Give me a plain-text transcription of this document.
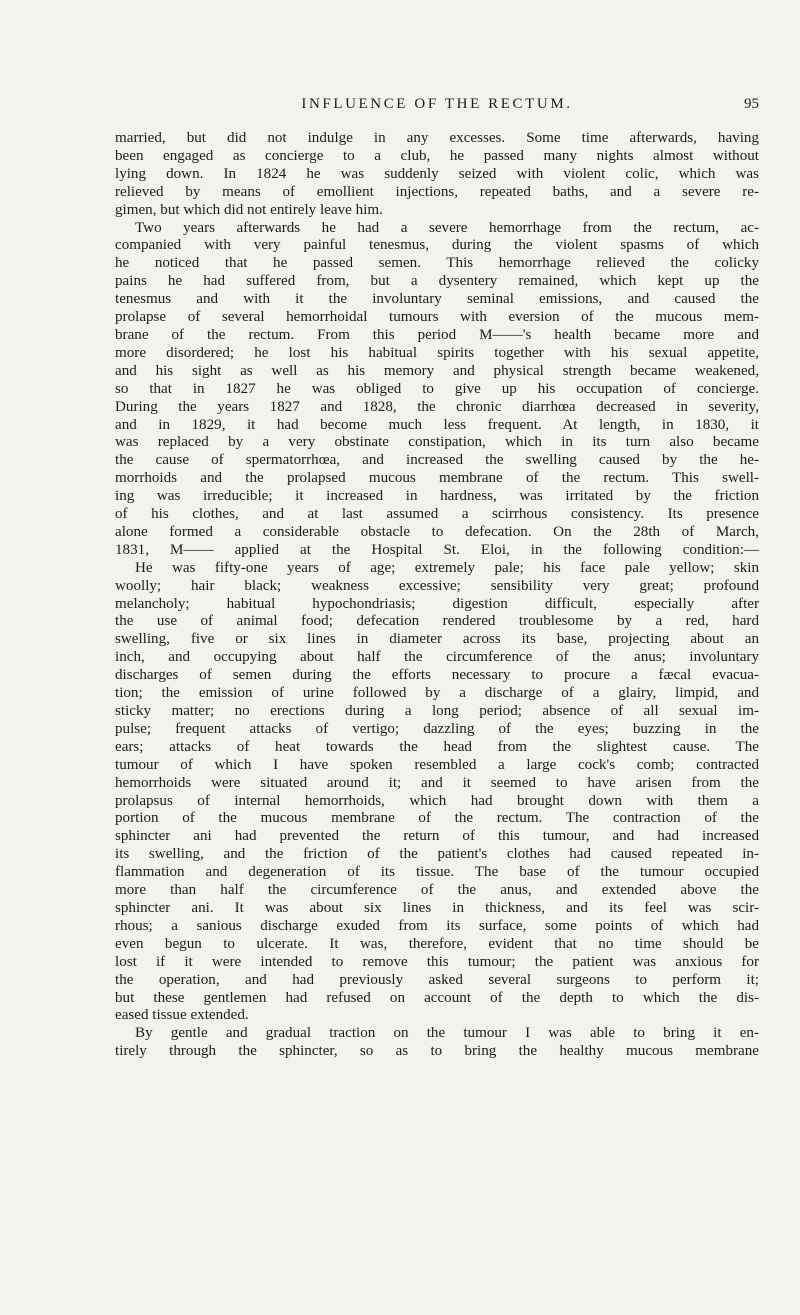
INFLUENCE OF THE RECTUM.	95
married, but did not indulge in any excesses. Some time afterwards, having
been engaged as concierge to a club, he passed many nights almost without
lying down. In 1824 he was suddenly seized with violent colic, which was
relieved by means of emollient injections, repeated baths, and a severe re-
gimen, but which did not entirely leave him.
Two years afterwards he had a severe hemorrhage from the rectum, ac-
companied with very painful tenesmus, during the violent spasms of which
he noticed that he passed semen. This hemorrhage relieved the colicky
pains he had suffered from, but a dysentery remained, which kept up the
tenesmus and with it the involuntary seminal emissions, and caused the
prolapse of several hemorrhoidal tumours with eversion of the mucous mem-
brane of the rectum. From this period M——'s health became more and
more disordered; he lost his habitual spirits together with his sexual appetite,
and his sight as well as his memory and physical strength became weakened,
so that in 1827 he was obliged to give up his occupation of concierge.
During the years 1827 and 1828, the chronic diarrhœa decreased in severity,
and in 1829, it had become much less frequent. At length, in 1830, it
was replaced by a very obstinate constipation, which in its turn also became
the cause of spermatorrhœa, and increased the swelling caused by the he-
morrhoids and the prolapsed mucous membrane of the rectum. This swell-
ing was irreducible; it increased in hardness, was irritated by the friction
of his clothes, and at last assumed a scirrhous consistency. Its presence
alone formed a considerable obstacle to defecation. On the 28th of March,
1831, M—— applied at the Hospital St. Eloi, in the following condition:—
He was fifty-one years of age; extremely pale; his face pale yellow; skin
woolly; hair black; weakness excessive; sensibility very great; profound
melancholy; habitual hypochondriasis; digestion difficult, especially after
the use of animal food; defecation rendered troublesome by a red, hard
swelling, five or six lines in diameter across its base, projecting about an
inch, and occupying about half the circumference of the anus; involuntary
discharges of semen during the efforts necessary to procure a fæcal evacua-
tion; the emission of urine followed by a discharge of a glairy, limpid, and
sticky matter; no erections during a long period; absence of all sexual im-
pulse; frequent attacks of vertigo; dazzling of the eyes; buzzing in the
ears; attacks of heat towards the head from the slightest cause. The
tumour of which I have spoken resembled a large cock's comb; contracted
hemorrhoids were situated around it; and it seemed to have arisen from the
prolapsus of internal hemorrhoids, which had brought down with them a
portion of the mucous membrane of the rectum. The contraction of the
sphincter ani had prevented the return of this tumour, and had increased
its swelling, and the friction of the patient's clothes had caused repeated in-
flammation and degeneration of its tissue. The base of the tumour occupied
more than half the circumference of the anus, and extended above the
sphincter ani. It was about six lines in thickness, and its feel was scir-
rhous; a sanious discharge exuded from its surface, some points of which had
even begun to ulcerate. It was, therefore, evident that no time should be
lost if it were intended to remove this tumour; the patient was anxious for
the operation, and had previously asked several surgeons to perform it;
but these gentlemen had refused on account of the depth to which the dis-
eased tissue extended.
By gentle and gradual traction on the tumour I was able to bring it en-
tirely through the sphincter, so as to bring the healthy mucous membrane
